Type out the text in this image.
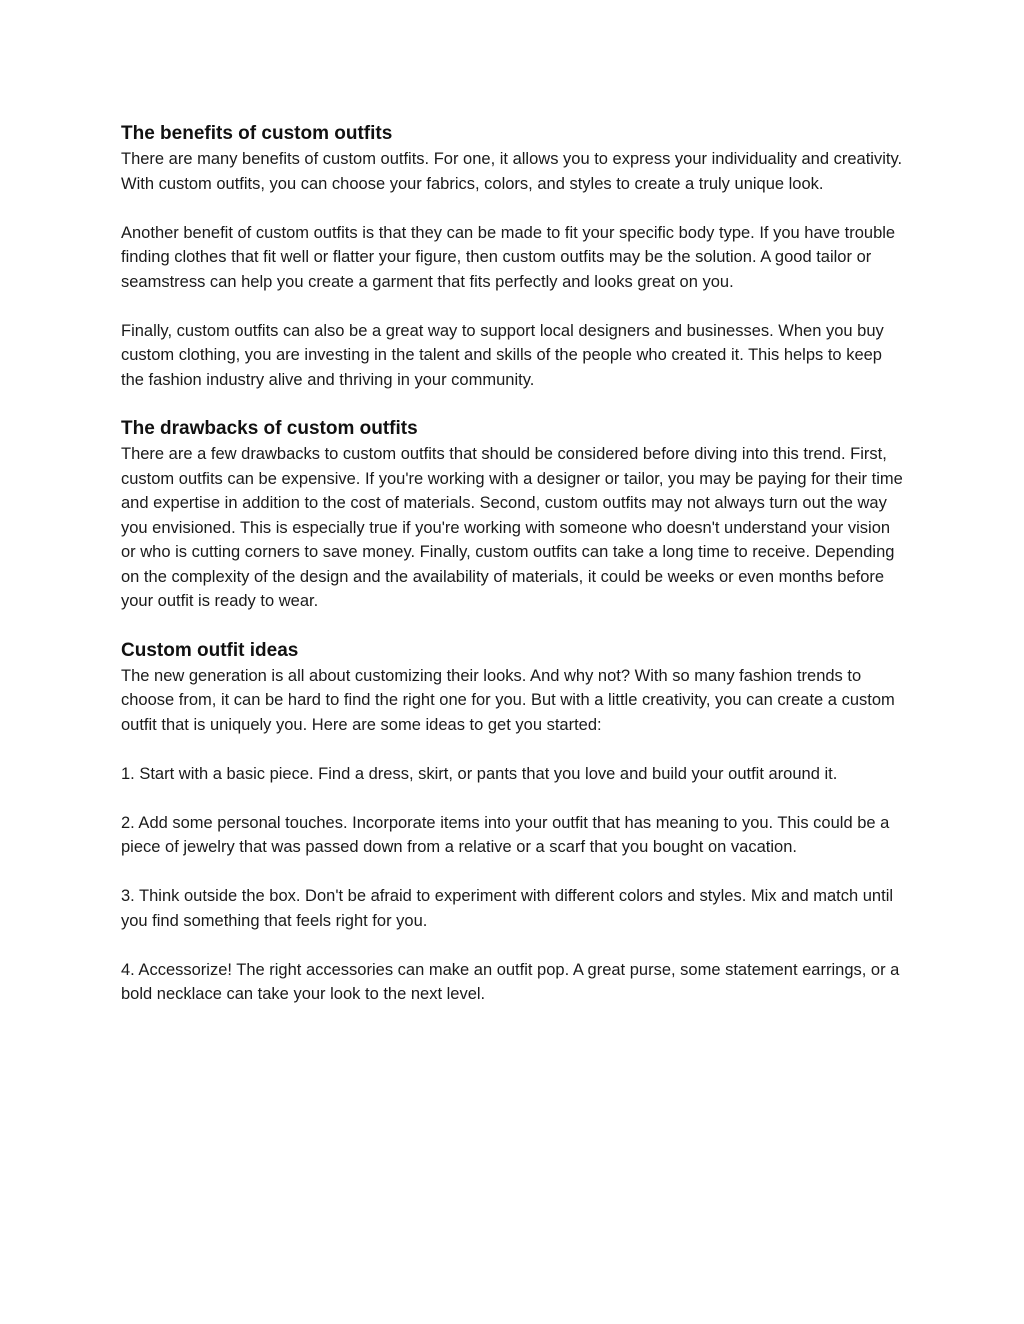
The benefits of custom outfits

There are many benefits of custom outfits. For one, it allows you to express your individuality and creativity. With custom outfits, you can choose your fabrics, colors, and styles to create a truly unique look.

Another benefit of custom outfits is that they can be made to fit your specific body type. If you have trouble finding clothes that fit well or flatter your figure, then custom outfits may be the solution. A good tailor or seamstress can help you create a garment that fits perfectly and looks great on you.

Finally, custom outfits can also be a great way to support local designers and businesses. When you buy custom clothing, you are investing in the talent and skills of the people who created it. This helps to keep the fashion industry alive and thriving in your community.

The drawbacks of custom outfits

There are a few drawbacks to custom outfits that should be considered before diving into this trend. First, custom outfits can be expensive. If you're working with a designer or tailor, you may be paying for their time and expertise in addition to the cost of materials. Second, custom outfits may not always turn out the way you envisioned. This is especially true if you're working with someone who doesn't understand your vision or who is cutting corners to save money. Finally, custom outfits can take a long time to receive. Depending on the complexity of the design and the availability of materials, it could be weeks or even months before your outfit is ready to wear.

Custom outfit ideas

The new generation is all about customizing their looks. And why not? With so many fashion trends to choose from, it can be hard to find the right one for you. But with a little creativity, you can create a custom outfit that is uniquely you. Here are some ideas to get you started:

1. Start with a basic piece. Find a dress, skirt, or pants that you love and build your outfit around it.

2. Add some personal touches. Incorporate items into your outfit that has meaning to you. This could be a piece of jewelry that was passed down from a relative or a scarf that you bought on vacation.

3. Think outside the box. Don't be afraid to experiment with different colors and styles. Mix and match until you find something that feels right for you.

4. Accessorize! The right accessories can make an outfit pop. A great purse, some statement earrings, or a bold necklace can take your look to the next level.
